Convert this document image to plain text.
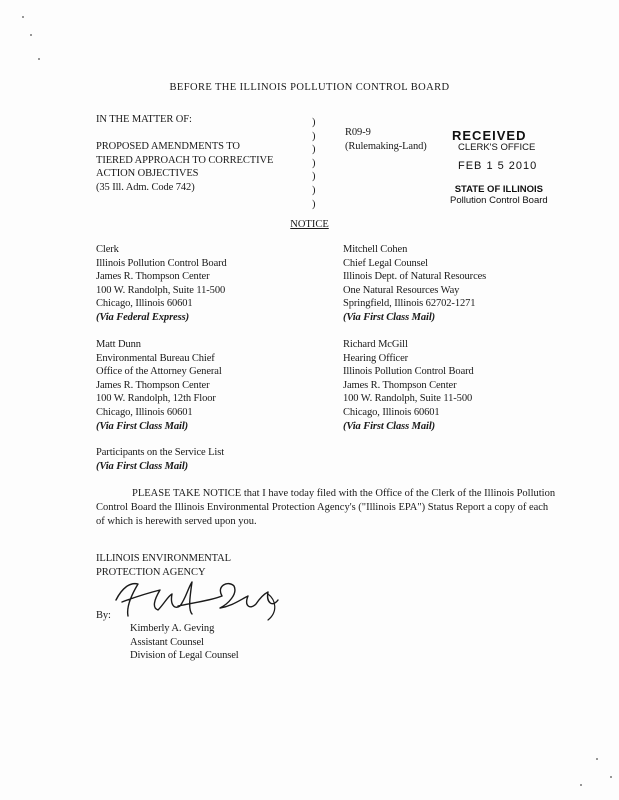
BEFORE THE ILLINOIS POLLUTION CONTROL BOARD
IN THE MATTER OF:
PROPOSED AMENDMENTS TO
TIERED APPROACH TO CORRECTIVE
ACTION OBJECTIVES
(35 Ill. Adm. Code 742)
)
)
)
)
)
)
)
R09-9
(Rulemaking-Land)
RECEIVED
CLERK'S OFFICE
FEB 1 5 2010
STATE OF ILLINOIS
Pollution Control Board
NOTICE
Clerk
Illinois Pollution Control Board
James R. Thompson Center
100 W. Randolph, Suite 11-500
Chicago, Illinois 60601
(Via Federal Express)
Mitchell Cohen
Chief Legal Counsel
Illinois Dept. of Natural Resources
One Natural Resources Way
Springfield, Illinois 62702-1271
(Via First Class Mail)
Matt Dunn
Environmental Bureau Chief
Office of the Attorney General
James R. Thompson Center
100 W. Randolph, 12th Floor
Chicago, Illinois 60601
(Via First Class Mail)
Richard McGill
Hearing Officer
Illinois Pollution Control Board
James R. Thompson Center
100 W. Randolph, Suite 11-500
Chicago, Illinois 60601
(Via First Class Mail)
Participants on the Service List
(Via First Class Mail)
PLEASE TAKE NOTICE that I have today filed with the Office of the Clerk of the Illinois Pollution Control Board the Illinois Environmental Protection Agency's ("Illinois EPA") Status Report a copy of each of which is herewith served upon you.
ILLINOIS ENVIRONMENTAL
PROTECTION AGENCY
By:
Kimberly A. Geving
Assistant Counsel
Division of Legal Counsel
